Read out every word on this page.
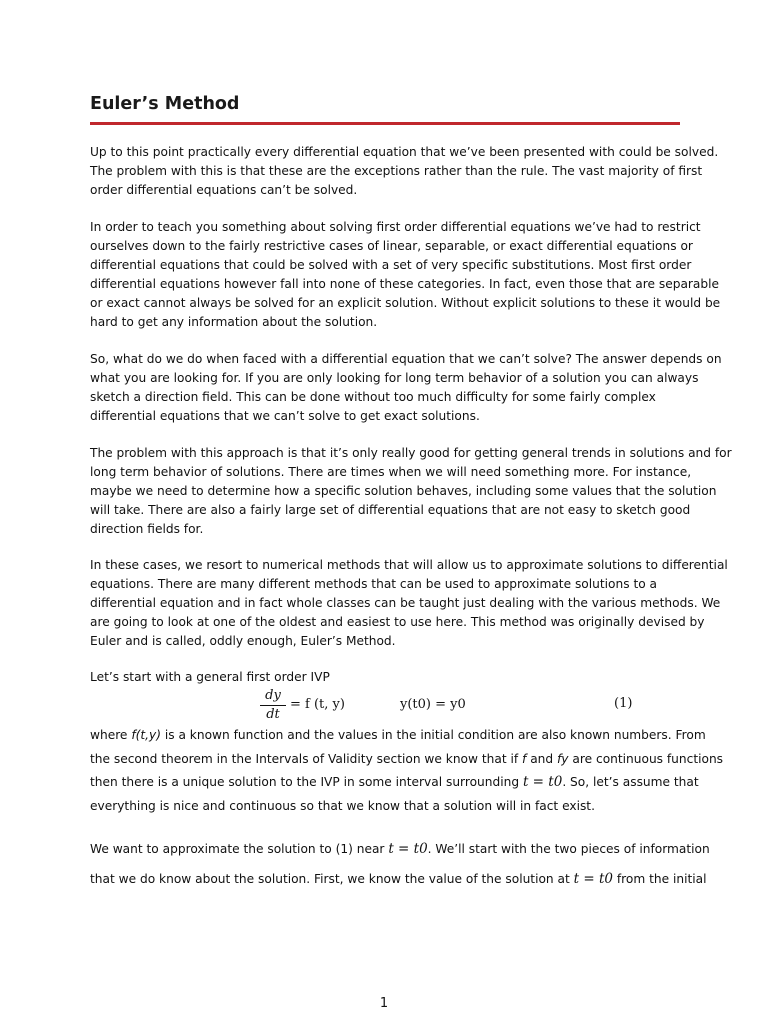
Euler’s Method

Up to this point practically every differential equation that we’ve been presented with could be solved.
The problem with this is that these are the exceptions rather than the rule. The vast majority of first
order differential equations can’t be solved.

In order to teach you something about solving first order differential equations we’ve had to restrict
ourselves down to the fairly restrictive cases of linear, separable, or exact differential equations or
differential equations that could be solved with a set of very specific substitutions. Most first order
differential equations however fall into none of these categories. In fact, even those that are separable
or exact cannot always be solved for an explicit solution. Without explicit solutions to these it would be
hard to get any information about the solution.

So, what do we do when faced with a differential equation that we can’t solve? The answer depends on
what you are looking for. If you are only looking for long term behavior of a solution you can always
sketch a direction field. This can be done without too much difficulty for some fairly complex
differential equations that we can’t solve to get exact solutions.

The problem with this approach is that it’s only really good for getting general trends in solutions and for
long term behavior of solutions. There are times when we will need something more. For instance,
maybe we need to determine how a specific solution behaves, including some values that the solution
will take. There are also a fairly large set of differential equations that are not easy to sketch good
direction fields for.

In these cases, we resort to numerical methods that will allow us to approximate solutions to differential
equations. There are many different methods that can be used to approximate solutions to a
differential equation and in fact whole classes can be taught just dealing with the various methods. We
are going to look at one of the oldest and easiest to use here. This method was originally devised by
Euler and is called, oddly enough, Euler’s Method.

Let’s start with a general first order IVP

dy
dt
= f (t, y)	y(t0) = y0	(1)

where f(t,y) is a known function and the values in the initial condition are also known numbers. From
the second theorem in the Intervals of Validity section we know that if f and fy are continuous functions
then there is a unique solution to the IVP in some interval surrounding t = t0. So, let’s assume that
everything is nice and continuous so that we know that a solution will in fact exist.

We want to approximate the solution to (1) near t = t0. We’ll start with the two pieces of information
that we do know about the solution. First, we know the value of the solution at t = t0 from the initial

1
